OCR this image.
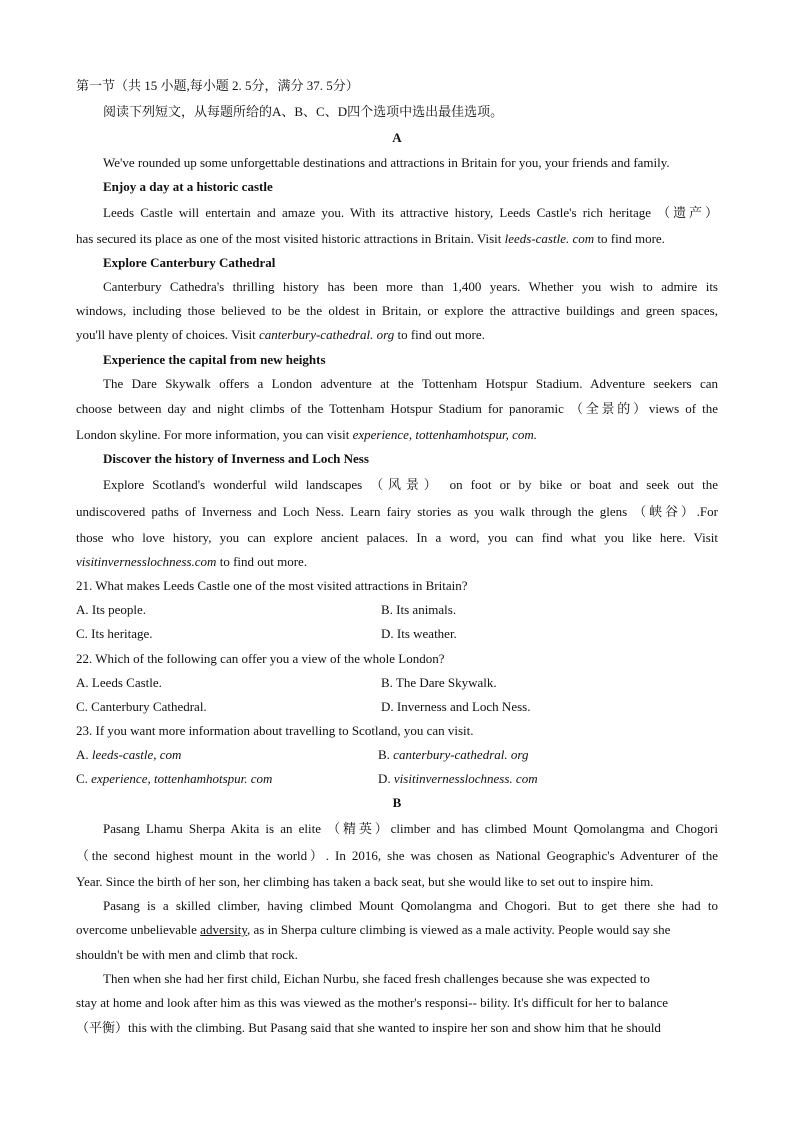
第一节（共 15 小题,每小题 2. 5分，满分 37. 5分）
阅读下列短文，从每题所给的A、B、C、D四个选项中选出最佳选项。
A
We've rounded up some unforgettable destinations and attractions in Britain for you, your friends and family.
Enjoy a day at a historic castle
Leeds Castle will entertain and amaze you. With its attractive history, Leeds Castle's rich heritage （遗产）
has secured its place as one of the most visited historic attractions in Britain. Visit leeds-castle. com to find more.
Explore Canterbury Cathedral
Canterbury Cathedra's thrilling history has been more than 1,400 years. Whether you wish to admire its
windows, including those believed to be the oldest in Britain, or explore the attractive buildings and green spaces,
you'll have plenty of choices. Visit canterbury-cathedral. org to find out more.
Experience the capital from new heights
The Dare Skywalk offers a London adventure at the Tottenham Hotspur Stadium. Adventure seekers can
choose between day and night climbs of the Tottenham Hotspur Stadium for panoramic （全景的）views of the
London skyline. For more information, you can visit experience, tottenhamhotspur, com.
Discover the history of Inverness and Loch Ness
Explore Scotland's wonderful wild landscapes （风景） on foot or by bike or boat and seek out the
undiscovered paths of Inverness and Loch Ness. Learn fairy stories as you walk through the glens （峡谷）.For
those who love history, you can explore ancient palaces. In a word, you can find what you like here. Visit
visitinvernesslochness.com to find out more.
21. What makes Leeds Castle one of the most visited attractions in Britain?
A. Its people.	B. Its animals.
C. Its heritage.	D. Its weather.
22. Which of the following can offer you a view of the whole London?
A. Leeds Castle.	B. The Dare Skywalk.
C. Canterbury Cathedral.	D. Inverness and Loch Ness.
23. If you want more information about travelling to Scotland, you can visit.
A. leeds-castle, com	B. canterbury-cathedral. org
C. experience, tottenhamhotspur. com	D. visitinvernesslochness. com
B
Pasang Lhamu Sherpa Akita is an elite （精英）climber and has climbed Mount Qomolangma and Chogori
（the second highest mount in the world）. In 2016, she was chosen as National Geographic's Adventurer of the
Year. Since the birth of her son, her climbing has taken a back seat, but she would like to set out to inspire him.
Pasang is a skilled climber, having climbed Mount Qomolangma and Chogori. But to get there she had to
overcome unbelievable adversity, as in Sherpa culture climbing is viewed as a male activity. People would say she
shouldn't be with men and climb that rock.
Then when she had her first child, Eichan Nurbu, she faced fresh challenges because she was expected to
stay at home and look after him as this was viewed as the mother's responsi-- bility. It's difficult for her to balance
（平衡）this with the climbing. But Pasang said that she wanted to inspire her son and show him that he should
